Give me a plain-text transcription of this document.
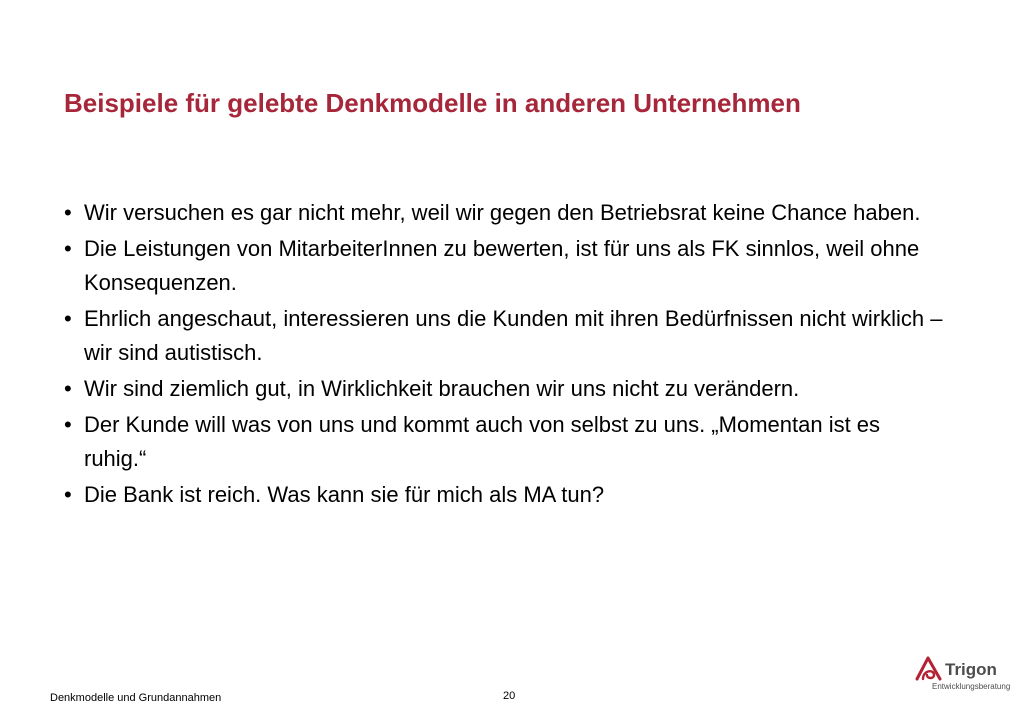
Beispiele für gelebte Denkmodelle in anderen Unternehmen
• Wir versuchen es gar nicht mehr, weil wir gegen den Betriebsrat keine Chance haben.
• Die Leistungen von MitarbeiterInnen zu bewerten, ist für uns als FK sinnlos, weil ohne Konsequenzen.
• Ehrlich angeschaut, interessieren uns die Kunden mit ihren Bedürfnissen nicht wirklich – wir sind autistisch.
• Wir sind ziemlich gut, in Wirklichkeit brauchen wir uns nicht zu verändern.
• Der Kunde will was von uns und kommt auch von selbst zu uns. „Momentan ist es ruhig.“
• Die Bank ist reich. Was kann sie für mich als MA tun?
Denkmodelle und Grundannahmen	20
Trigon
Entwicklungsberatung
